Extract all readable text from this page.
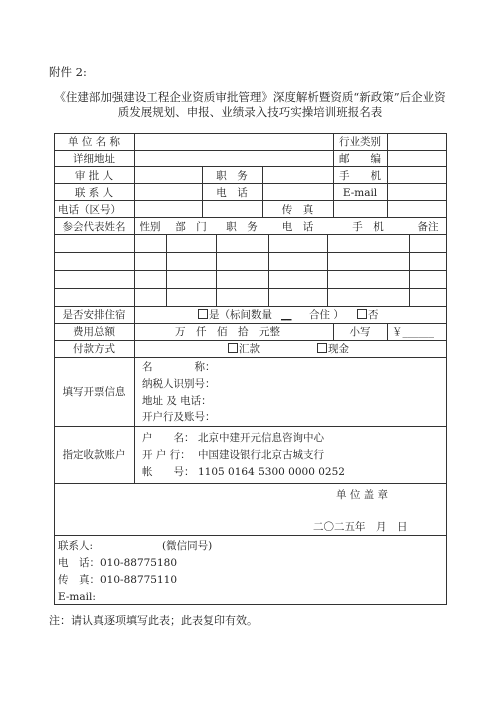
附件 2:
《住建部加强建设工程企业资质审批管理》深度解析暨资质“新政策”后企业资
质发展规划、申报、业绩录入技巧实操培训班报名表
单 位 名 称	行业类别
详细地址	邮　　编
审 批 人	职　务	手　　机
联 系 人	电　话	E-mail
电话（区号）	传　真
参会代表姓名	性别	部　门	职　务	电　话	手　机	备注
是否安排住宿	是（标间数量 __ 合住 ）	否
费用总额	万　仟　佰　拾　元整	小写	￥______
付款方式	汇款	现金
填写开票信息
名　　　　称：
纳税人识别号：
地址 及 电话：
开户行及账号：
指定收款账户
户　　名： 北京中建开元信息咨询中心
开 户 行： 中国建设银行北京古城支行
帐　　号： 1105 0164 5300 0000 0252
单 位 盖 章
二〇二五年　月　日
联系人:	(微信同号)
电　话：010-88775180
传　真：010-88775110
E-mail:
注：请认真逐项填写此表；此表复印有效。
